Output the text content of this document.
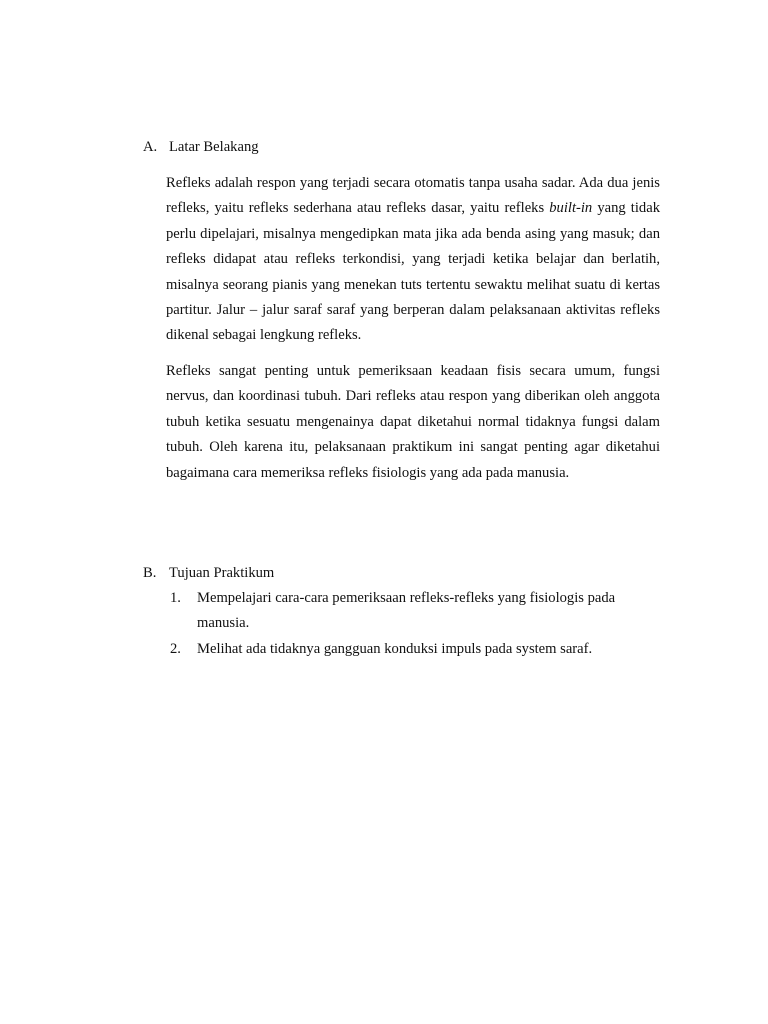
A. Latar Belakang

Refleks adalah respon yang terjadi secara otomatis tanpa usaha sadar. Ada dua jenis refleks, yaitu refleks sederhana atau refleks dasar, yaitu refleks built-in yang tidak perlu dipelajari, misalnya mengedipkan mata jika ada benda asing yang masuk; dan refleks didapat atau refleks terkondisi, yang terjadi ketika belajar dan berlatih, misalnya seorang pianis yang menekan tuts tertentu sewaktu melihat suatu di kertas partitur. Jalur – jalur saraf saraf yang berperan dalam pelaksanaan aktivitas refleks dikenal sebagai lengkung refleks.

Refleks sangat penting untuk pemeriksaan keadaan fisis secara umum, fungsi nervus, dan koordinasi tubuh. Dari refleks atau respon yang diberikan oleh anggota tubuh ketika sesuatu mengenainya dapat diketahui normal tidaknya fungsi dalam tubuh. Oleh karena itu, pelaksanaan praktikum ini sangat penting agar diketahui bagaimana cara memeriksa refleks fisiologis yang ada pada manusia.

B. Tujuan Praktikum
1. Mempelajari cara-cara pemeriksaan refleks-refleks yang fisiologis pada manusia.
2. Melihat ada tidaknya gangguan konduksi impuls pada system saraf.
